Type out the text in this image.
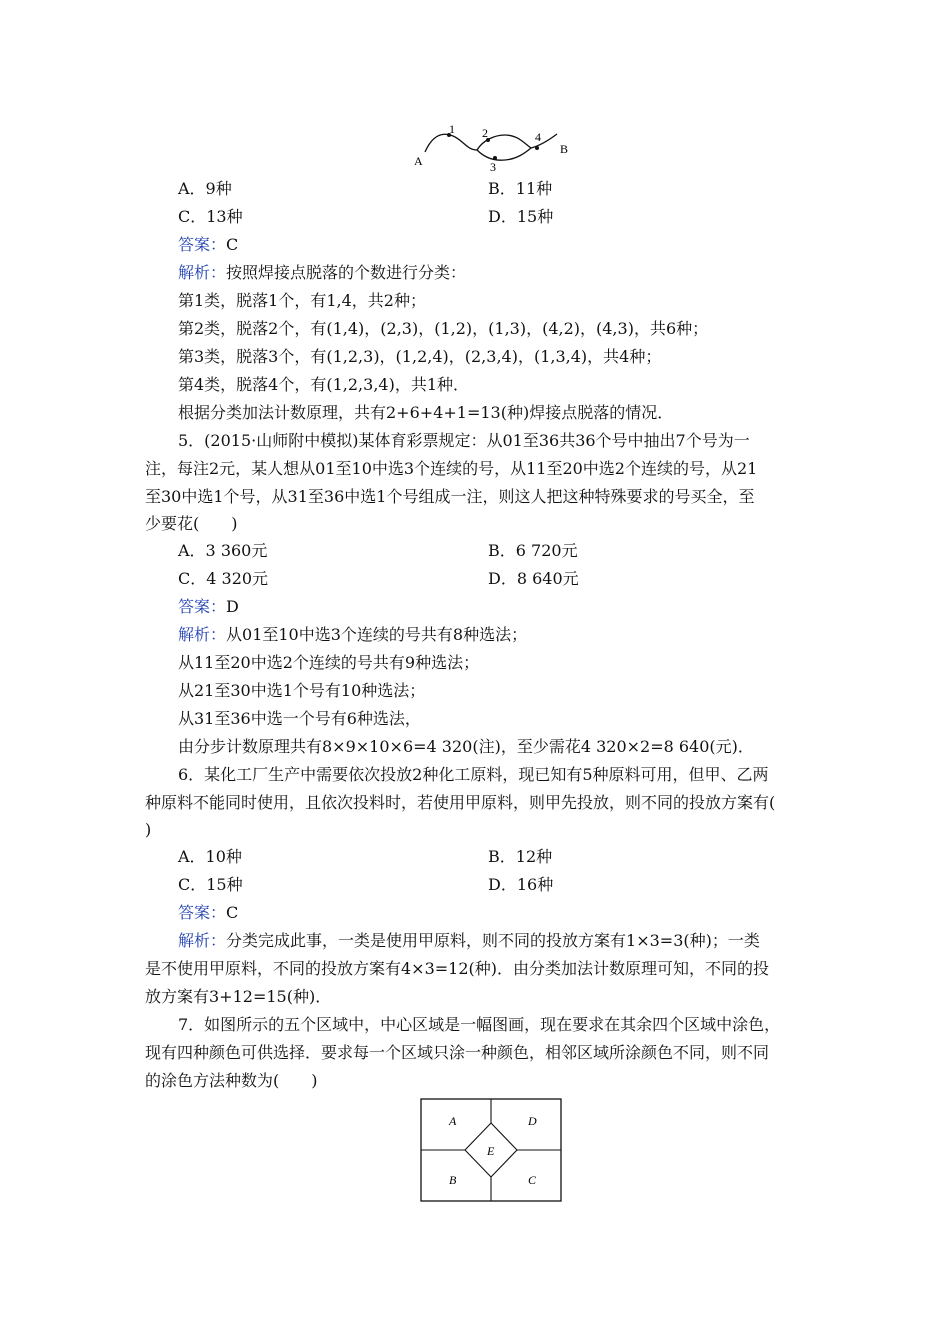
A
B
1 2
3
4
A．9种	B．11种
C．13种	D．15种
答案：C
解析：按照焊接点脱落的个数进行分类：
第1类，脱落1个，有1,4，共2种；
第2类，脱落2个，有(1,4)，(2,3)，(1,2)，(1,3)，(4,2)，(4,3)，共6种；
第3类，脱落3个，有(1,2,3)，(1,2,4)，(2,3,4)，(1,3,4)，共4种；
第4类，脱落4个，有(1,2,3,4)，共1种．
根据分类加法计数原理，共有2+6+4+1=13(种)焊接点脱落的情况．
5．(2015·山师附中模拟)某体育彩票规定：从01至36共36个号中抽出7个号为一
注，每注2元，某人想从01至10中选3个连续的号，从11至20中选2个连续的号，从21
至30中选1个号，从31至36中选1个号组成一注，则这人把这种特殊要求的号买全，至
少要花(　　)
A．3 360元	B．6 720元
C．4 320元	D．8 640元
答案：D
解析：从01至10中选3个连续的号共有8种选法；
从11至20中选2个连续的号共有9种选法；
从21至30中选1个号有10种选法；
从31至36中选一个号有6种选法，
由分步计数原理共有8×9×10×6=4 320(注)，至少需花4 320×2=8 640(元)．
6．某化工厂生产中需要依次投放2种化工原料，现已知有5种原料可用，但甲、乙两
种原料不能同时使用，且依次投料时，若使用甲原料，则甲先投放，则不同的投放方案有(
)
A．10种	B．12种
C．15种	D．16种
答案：C
解析：分类完成此事，一类是使用甲原料，则不同的投放方案有1×3=3(种)；一类
是不使用甲原料，不同的投放方案有4×3=12(种)．由分类加法计数原理可知，不同的投
放方案有3+12=15(种)．
7．如图所示的五个区域中，中心区域是一幅图画，现在要求在其余四个区域中涂色，
现有四种颜色可供选择．要求每一个区域只涂一种颜色，相邻区域所涂颜色不同，则不同
的涂色方法种数为(　　)
A	D
E
B	C
